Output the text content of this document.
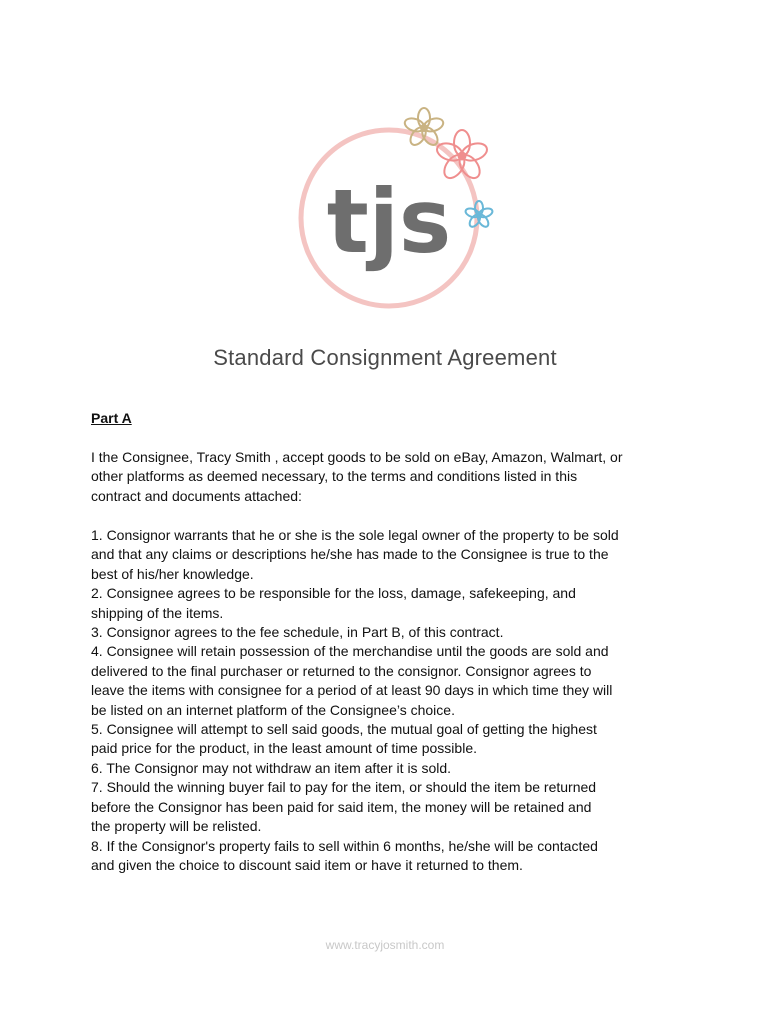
tjs
Standard Consignment Agreement
Part A

I the Consignee, Tracy Smith , accept goods to be sold on eBay, Amazon, Walmart, or

other platforms as deemed necessary, to the terms and conditions listed in this

contract and documents attached:

1. Consignor warrants that he or she is the sole legal owner of the property to be sold

and that any claims or descriptions he/she has made to the Consignee is true to the

best of his/her knowledge.

2. Consignee agrees to be responsible for the loss, damage, safekeeping, and

shipping of the items.

3. Consignor agrees to the fee schedule, in Part B, of this contract.

4. Consignee will retain possession of the merchandise until the goods are sold and

delivered to the final purchaser or returned to the consignor. Consignor agrees to

leave the items with consignee for a period of at least 90 days in which time they will

be listed on an internet platform of the Consignee’s choice.

5. Consignee will attempt to sell said goods, the mutual goal of getting the highest

paid price for the product, in the least amount of time possible.

6. The Consignor may not withdraw an item after it is sold.

7. Should the winning buyer fail to pay for the item, or should the item be returned

before the Consignor has been paid for said item, the money will be retained and

the property will be relisted.

8. If the Consignor's property fails to sell within 6 months, he/she will be contacted

and given the choice to discount said item or have it returned to them.

www.tracyjosmith.com
